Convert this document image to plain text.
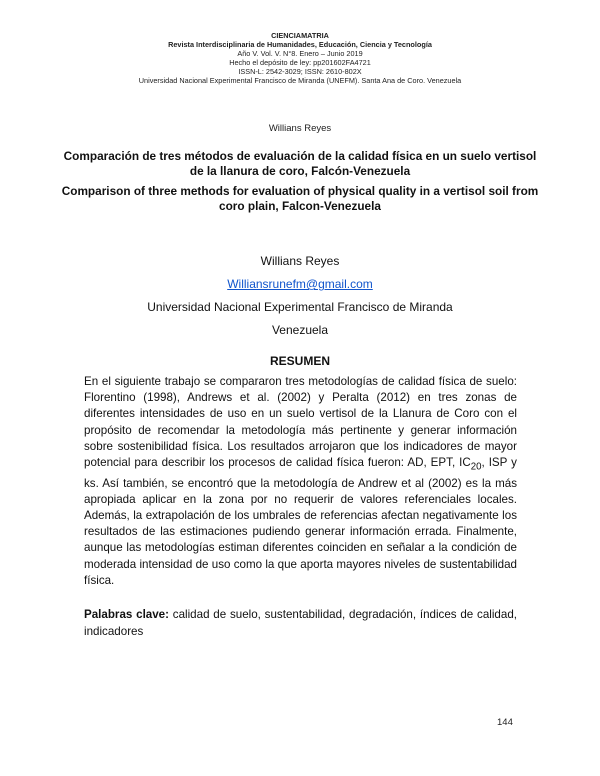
CIENCIAMATRIA
Revista Interdisciplinaria de Humanidades, Educación, Ciencia y Tecnología
Año V. Vol. V. N°8. Enero – Junio 2019
Hecho el depósito de ley: pp201602FA4721
ISSN-L: 2542-3029; ISSN: 2610-802X
Universidad Nacional Experimental Francisco de Miranda (UNEFM). Santa Ana de Coro. Venezuela
Willians Reyes
Comparación de tres métodos de evaluación de la calidad física en un suelo vertisol de la llanura de coro, Falcón-Venezuela
Comparison of three methods for evaluation of physical quality in a vertisol soil from coro plain, Falcon-Venezuela
Willians Reyes
Williansrunefm@gmail.com
Universidad Nacional Experimental Francisco de Miranda
Venezuela
RESUMEN
En el siguiente trabajo se compararon tres metodologías de calidad física de suelo: Florentino (1998), Andrews et al. (2002) y Peralta (2012) en tres zonas de diferentes intensidades de uso en un suelo vertisol de la Llanura de Coro con el propósito de recomendar la metodología más pertinente y generar información sobre sostenibilidad física. Los resultados arrojaron que los indicadores de mayor potencial para describir los procesos de calidad física fueron: AD, EPT, $IC_{20}$, ISP y ks. Así también, se encontró que la metodología de Andrew et al (2002) es la más apropiada aplicar en la zona por no requerir de valores referenciales locales. Además, la extrapolación de los umbrales de referencias afectan negativamente los resultados de las estimaciones pudiendo generar información errada. Finalmente, aunque las metodologías estiman diferentes coinciden en señalar a la condición de moderada intensidad de uso como la que aporta mayores niveles de sustentabilidad física.
Palabras clave: calidad de suelo, sustentabilidad, degradación, índices de calidad, indicadores
144
